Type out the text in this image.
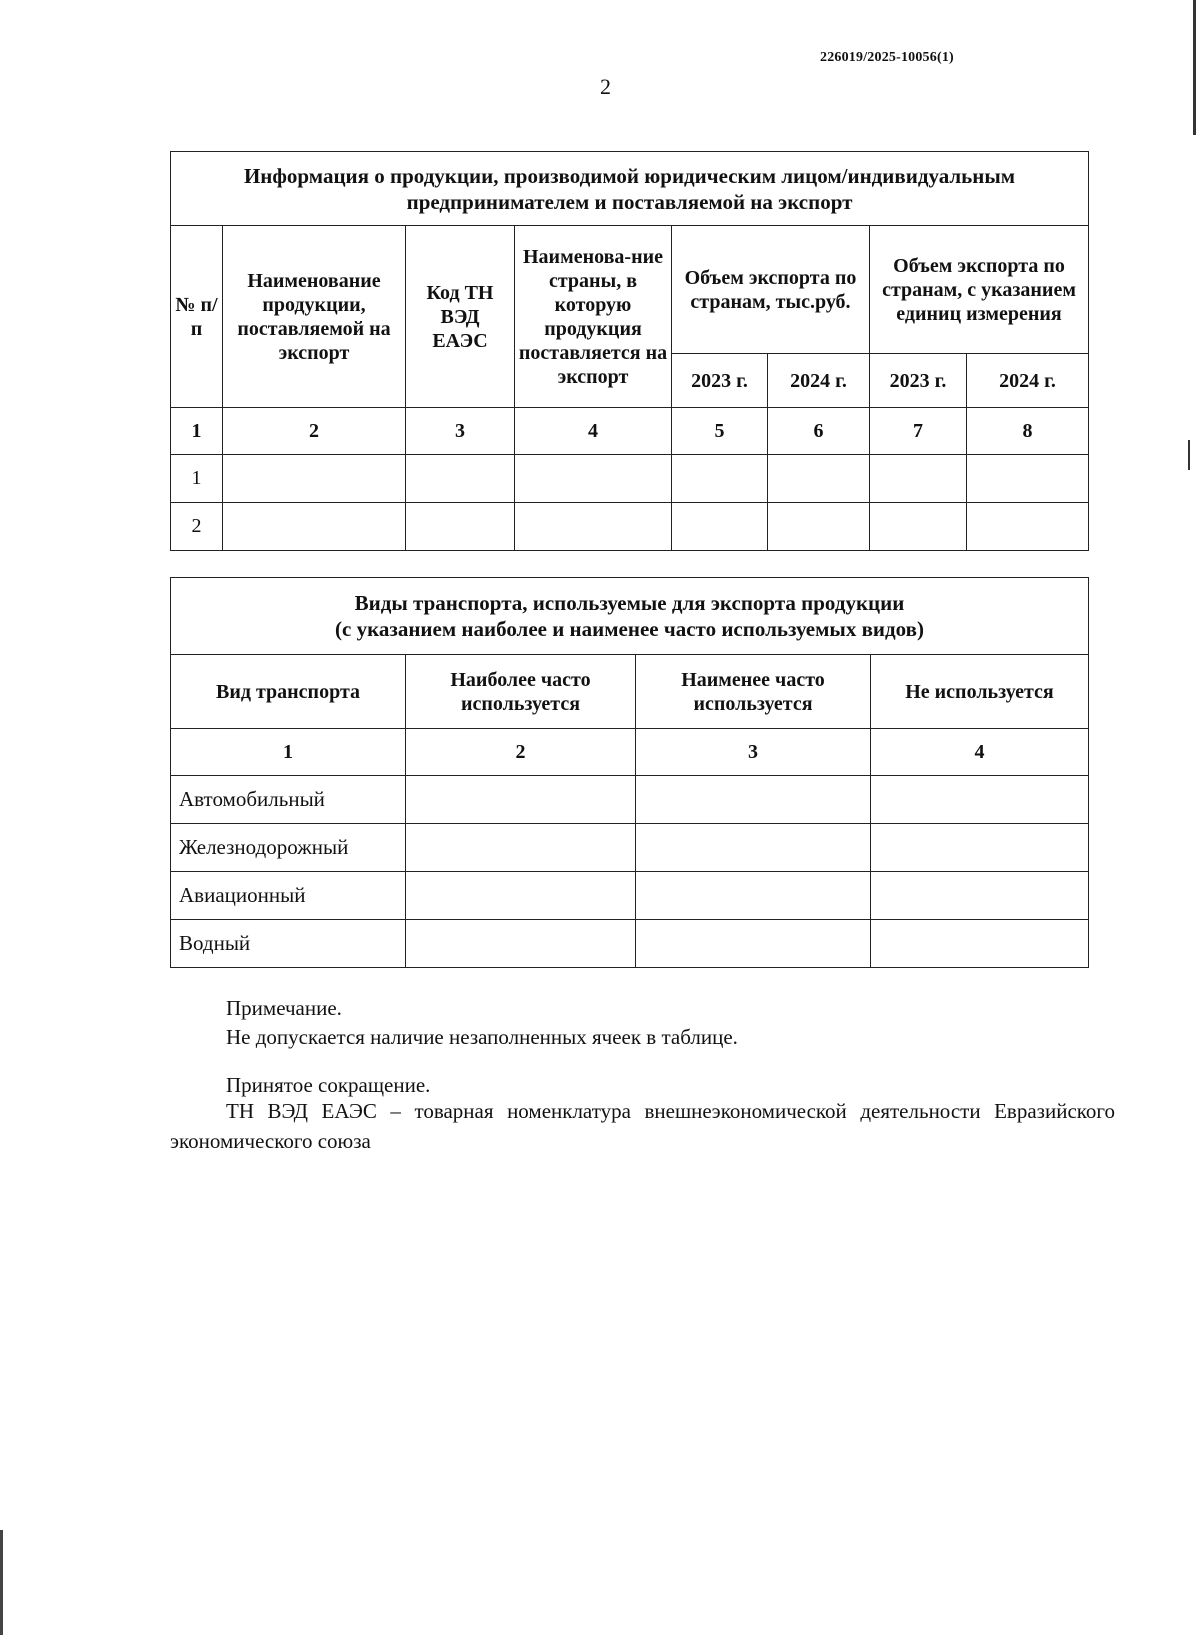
226019/2025-10056(1)
2
Информация о продукции, производимой юридическим лицом/индивидуальным предпринимателем и поставляемой на экспорт							
№ п/п	Наименование продукции, поставляемой на экспорт	Код ТН ВЭД ЕАЭС	Наименова-ние страны, в которую продукция поставляется на экспорт	Объем экспорта по странам, тыс.руб.		Объем экспорта по странам, с указанием единиц измерения	
				2023 г.	2024 г.	2023 г.	2024 г.
1	2	3	4	5	6	7	8
1							
2							
Виды транспорта, используемые для экспорта продукции
(с указанием наиболее и наименее часто используемых видов)			

Вид транспорта	Наиболее часто используется	Наименее часто используется	Не используется
1	2	3	4
Автомобильный			
Железнодорожный			
Авиационный			
Водный			
Примечание.
Не допускается наличие незаполненных ячеек в таблице.
Принятое сокращение.
ТН ВЭД ЕАЭС – товарная номенклатура внешнеэкономической деятельности Евразийского экономического союза
